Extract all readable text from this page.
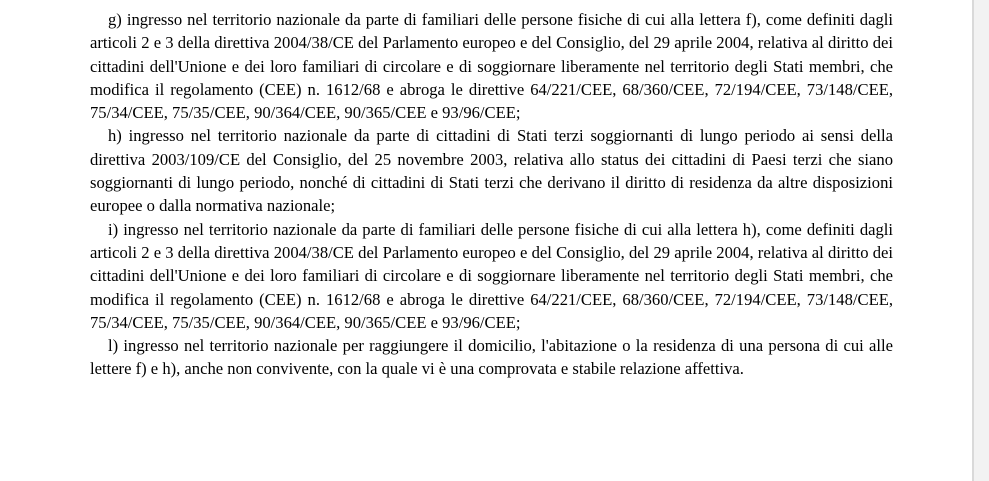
g) ingresso nel territorio nazionale da parte di familiari delle persone fisiche di cui alla lettera f), come definiti dagli articoli 2 e 3 della direttiva 2004/38/CE del Parlamento europeo e del Consiglio, del 29 aprile 2004, relativa al diritto dei cittadini dell'Unione e dei loro familiari di circolare e di soggiornare liberamente nel territorio degli Stati membri, che modifica il regolamento (CEE) n. 1612/68 e abroga le direttive 64/221/CEE, 68/360/CEE, 72/194/CEE, 73/148/CEE, 75/34/CEE, 75/35/CEE, 90/364/CEE, 90/365/CEE e 93/96/CEE;

h) ingresso nel territorio nazionale da parte di cittadini di Stati terzi soggiornanti di lungo periodo ai sensi della direttiva 2003/109/CE del Consiglio, del 25 novembre 2003, relativa allo status dei cittadini di Paesi terzi che siano soggiornanti di lungo periodo, nonché di cittadini di Stati terzi che derivano il diritto di residenza da altre disposizioni europee o dalla normativa nazionale;

i) ingresso nel territorio nazionale da parte di familiari delle persone fisiche di cui alla lettera h), come definiti dagli articoli 2 e 3 della direttiva 2004/38/CE del Parlamento europeo e del Consiglio, del 29 aprile 2004, relativa al diritto dei cittadini dell'Unione e dei loro familiari di circolare e di soggiornare liberamente nel territorio degli Stati membri, che modifica il regolamento (CEE) n. 1612/68 e abroga le direttive 64/221/CEE, 68/360/CEE, 72/194/CEE, 73/148/CEE, 75/34/CEE, 75/35/CEE, 90/364/CEE, 90/365/CEE e 93/96/CEE;

l) ingresso nel territorio nazionale per raggiungere il domicilio, l'abitazione o la residenza di una persona di cui alle lettere f) e h), anche non convivente, con la quale vi è una comprovata e stabile relazione affettiva.
